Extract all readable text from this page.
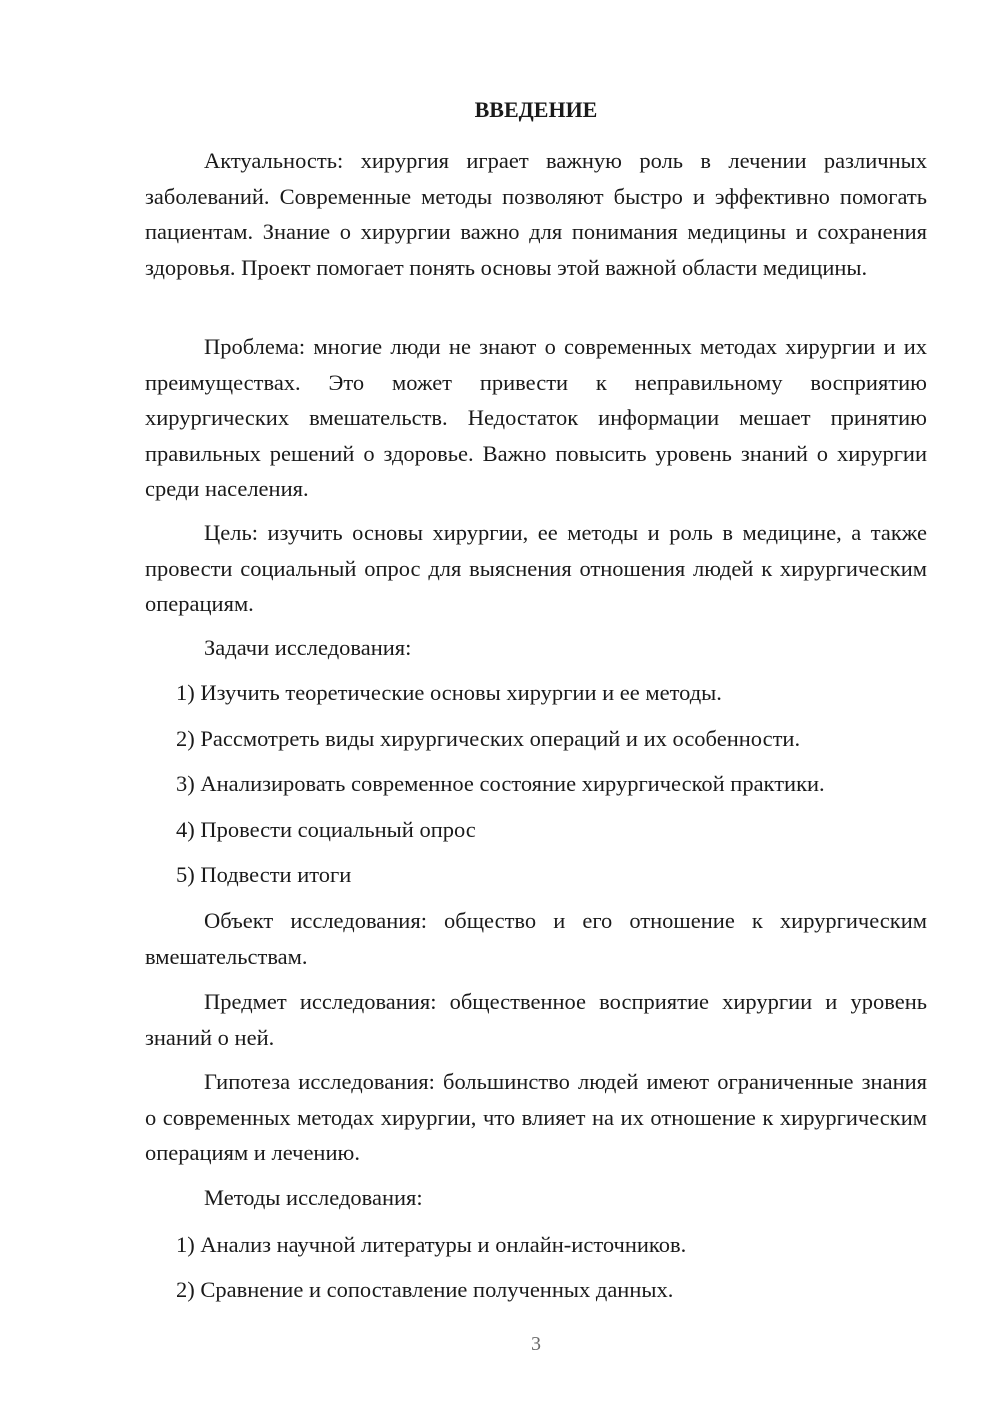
ВВЕДЕНИЕ

Актуальность: хирургия играет важную роль в лечении различных заболеваний. Современные методы позволяют быстро и эффективно помогать пациентам. Знание о хирургии важно для понимания медицины и сохранения здоровья. Проект помогает понять основы этой важной области медицины.

Проблема: многие люди не знают о современных методах хирургии и их преимуществах. Это может привести к неправильному восприятию хирургических вмешательств. Недостаток информации мешает принятию правильных решений о здоровье. Важно повысить уровень знаний о хирургии среди населения.

Цель: изучить основы хирургии, ее методы и роль в медицине, а также провести социальный опрос для выяснения отношения людей к хирургическим операциям.

Задачи исследования:

1) Изучить теоретические основы хирургии и ее методы.

2) Рассмотреть виды хирургических операций и их особенности.

3) Анализировать современное состояние хирургической практики.

4) Провести социальный опрос

5) Подвести итоги

Объект исследования: общество и его отношение к хирургическим вмешательствам.

Предмет исследования: общественное восприятие хирургии и уровень знаний о ней.

Гипотеза исследования: большинство людей имеют ограниченные знания о современных методах хирургии, что влияет на их отношение к хирургическим операциям и лечению.

Методы исследования:

1) Анализ научной литературы и онлайн-источников.

2) Сравнение и сопоставление полученных данных.

3
